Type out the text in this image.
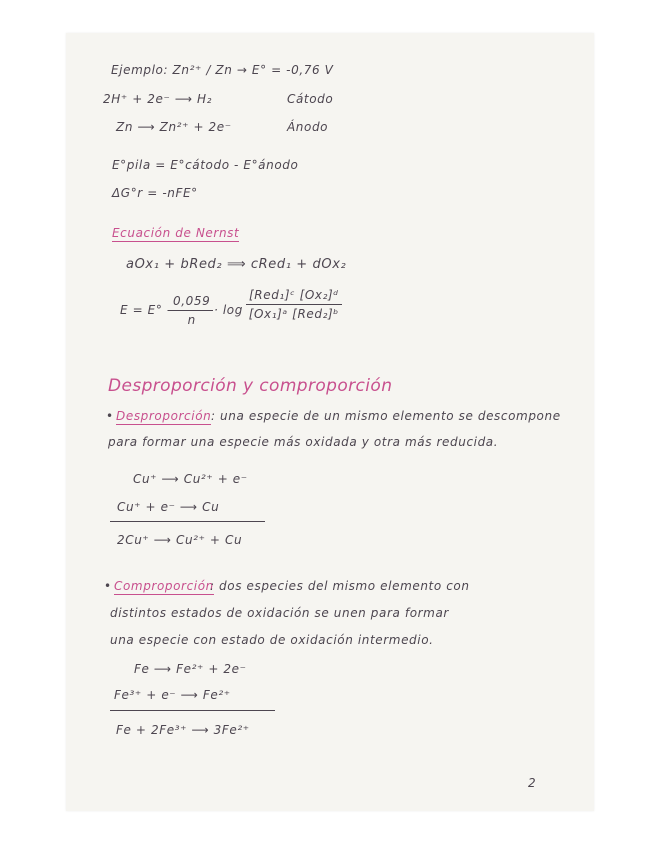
Ejemplo: Zn²⁺ / Zn → E° = -0,76 V
2H⁺ + 2e⁻ ⟶ H₂	Cátodo
Zn ⟶ Zn²⁺ + 2e⁻	Ánodo
E°pila = E°cátodo - E°ánodo
ΔG°r = -nFE°
Ecuación de Nernst
aOx₁ + bRed₂ ⟹ cRed₁ + dOx₂
E = E° -
$\frac{0,059}{n} \cdot \log$
[Red₁]ᶜ [Ox₂]ᵈ
[Ox₁]ᵃ [Red₂]ᵇ
Desproporción y comproporción
• Desproporción : una especie de un mismo elemento se descompone
para formar una especie más oxidada y otra más reducida.
Cu⁺ ⟶ Cu²⁺ + e⁻
Cu⁺ + e⁻ ⟶ Cu
2Cu⁺ ⟶ Cu²⁺ + Cu
• Comproporción
: dos especies del mismo elemento con
distintos estados de oxidación se unen para formar
una especie con estado de oxidación intermedio.
Fe ⟶ Fe²⁺ + 2e⁻
Fe³⁺ + e⁻ ⟶ Fe²⁺
Fe + 2Fe³⁺ ⟶ 3Fe²⁺
2
